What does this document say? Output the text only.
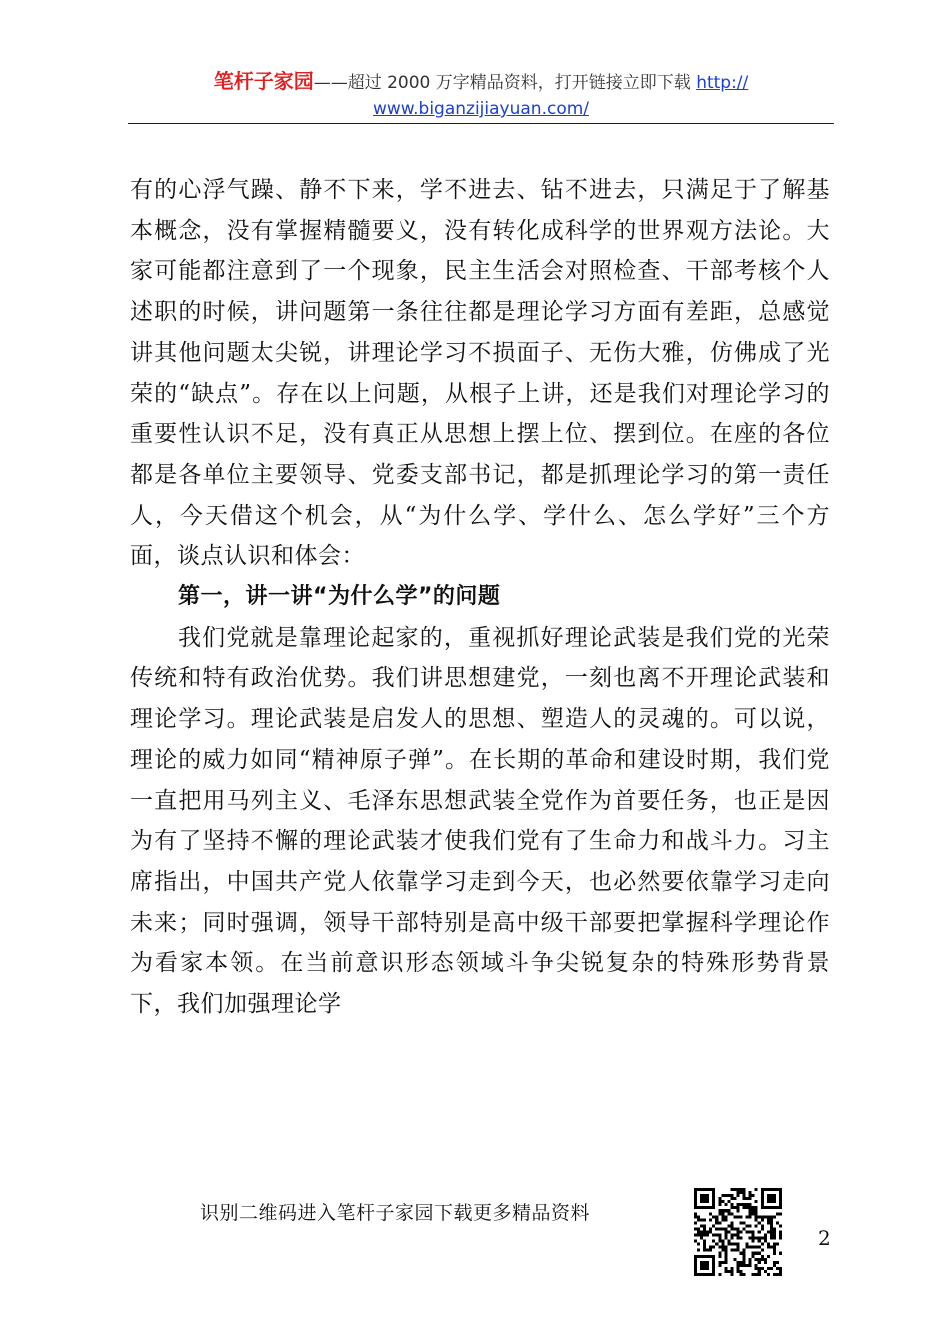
笔杆子家园——超过 2000 万字精品资料，打开链接立即下载 http://
www.biganzijiayuan.com/

有的心浮气躁、静不下来，学不进去、钻不进去，只满足于了解基本概念，没有掌握精髓要义，没有转化成科学的世界观方法论。大家可能都注意到了一个现象，民主生活会对照检查、干部考核个人述职的时候，讲问题第一条往往都是理论学习方面有差距，总感觉讲其他问题太尖锐，讲理论学习不损面子、无伤大雅，仿佛成了光荣的“缺点”。存在以上问题，从根子上讲，还是我们对理论学习的重要性认识不足，没有真正从思想上摆上位、摆到位。在座的各位都是各单位主要领导、党委支部书记，都是抓理论学习的第一责任人，今天借这个机会，从“为什么学、学什么、怎么学好”三个方面，谈点认识和体会：

第一，讲一讲“为什么学”的问题

我们党就是靠理论起家的，重视抓好理论武装是我们党的光荣传统和特有政治优势。我们讲思想建党，一刻也离不开理论武装和理论学习。理论武装是启发人的思想、塑造人的灵魂的。可以说，理论的威力如同“精神原子弹”。在长期的革命和建设时期，我们党一直把用马列主义、毛泽东思想武装全党作为首要任务，也正是因为有了坚持不懈的理论武装才使我们党有了生命力和战斗力。习主席指出，中国共产党人依靠学习走到今天，也必然要依靠学习走向未来；同时强调，领导干部特别是高中级干部要把掌握科学理论作为看家本领。在当前意识形态领域斗争尖锐复杂的特殊形势背景下，我们加强理论学

识别二维码进入笔杆子家园下载更多精品资料
2
